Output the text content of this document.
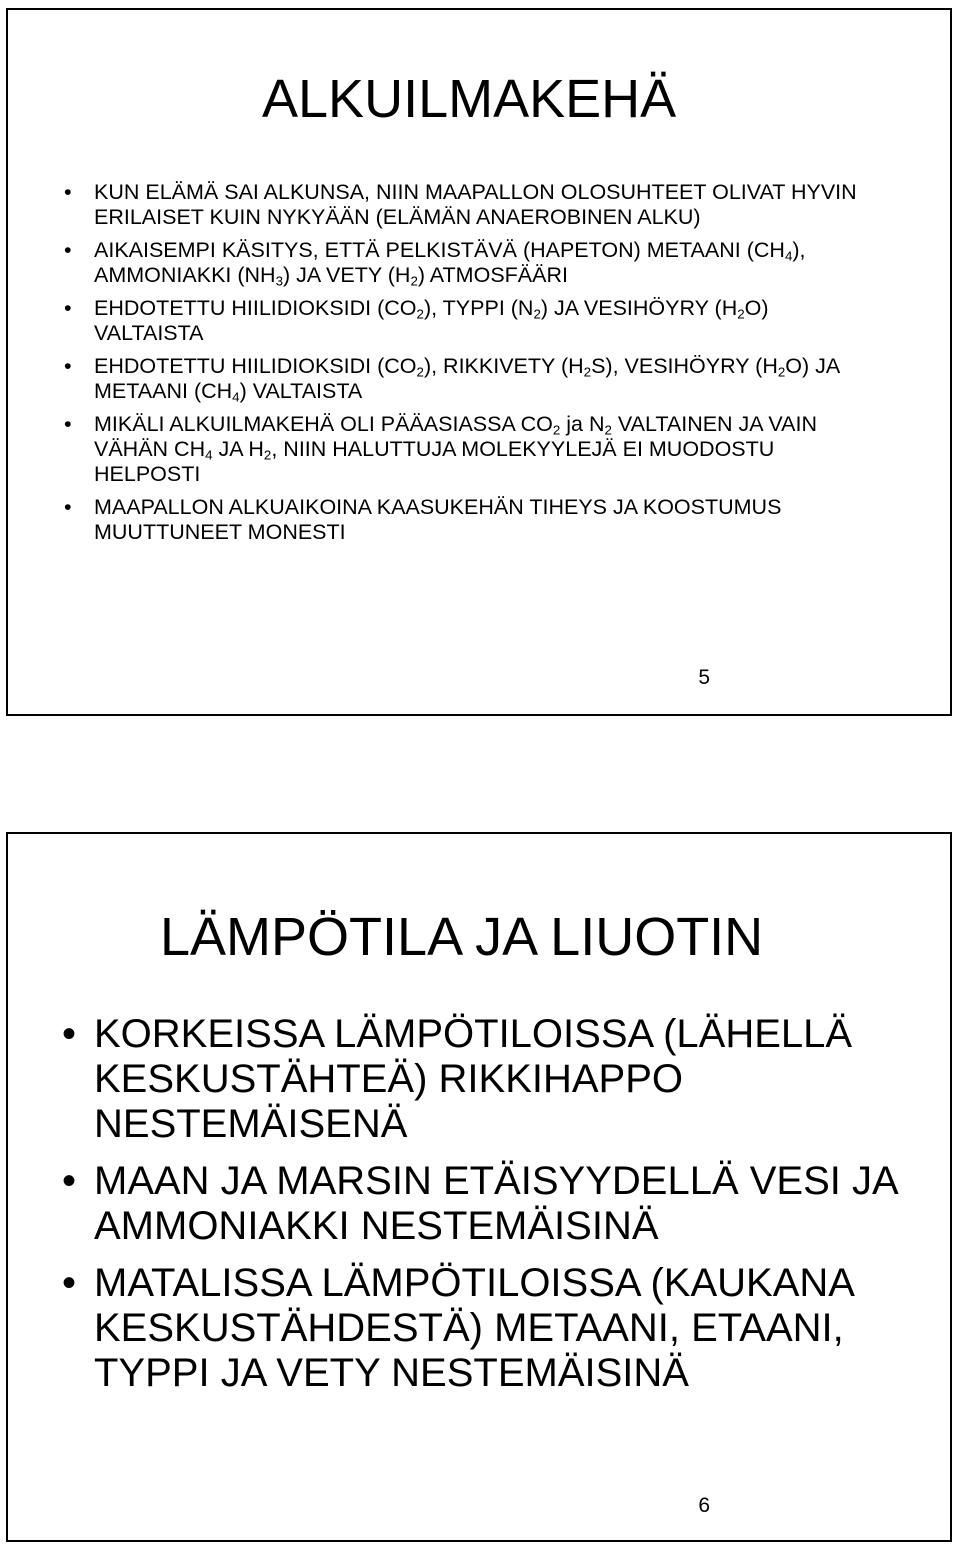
ALKUILMAKEHÄ
• KUN ELÄMÄ SAI ALKUNSA, NIIN MAAPALLON OLOSUHTEET OLIVAT HYVIN ERILAISET KUIN NYKYÄÄN (ELÄMÄN ANAEROBINEN ALKU)
• AIKAISEMPI KÄSITYS, ETTÄ PELKISTÄVÄ (HAPETON) METAANI $(CH_4)$, AMMONIAKKI $(NH_3)$ JA VETY $(H_2)$ ATMOSFÄÄRI
• EHDOTETTU HIILIDIOKSIDI $(CO_2)$, TYPPI $(N_2)$ JA VESIHÖYRY $(H_2O)$ VALTAISTA
• EHDOTETTU HIILIDIOKSIDI $(CO_2)$, RIKKIVETY $(H_2S)$, VESIHÖYRY $(H_2O)$ JA METAANI $(CH_4)$ VALTAISTA
• MIKÄLI ALKUILMAKEHÄ OLI PÄÄASIASSA $CO_2$ ja $N_2$ VALTAINEN JA VAIN VÄHÄN $CH_4$ JA $H_2$, NIIN HALUTTUJA MOLEKYYLEJÄ EI MUODOSTU HELPOSTI
• MAAPALLON ALKUAIKOINA KAASUKEHÄN TIHEYS JA KOOSTUMUS MUUTTUNEET MONESTI
5
LÄMPÖTILA JA LIUOTIN
• KORKEISSA LÄMPÖTILOISSA (LÄHELLÄ KESKUSTÄHTEÄ) RIKKIHAPPO NESTEMÄISENÄ
• MAAN JA MARSIN ETÄISYYDELLÄ VESI JA AMMONIAKKI NESTEMÄISINÄ
• MATALISSA LÄMPÖTILOISSA (KAUKANA KESKUSTÄHDESTÄ) METAANI, ETAANI, TYPPI JA VETY NESTEMÄISINÄ
6
